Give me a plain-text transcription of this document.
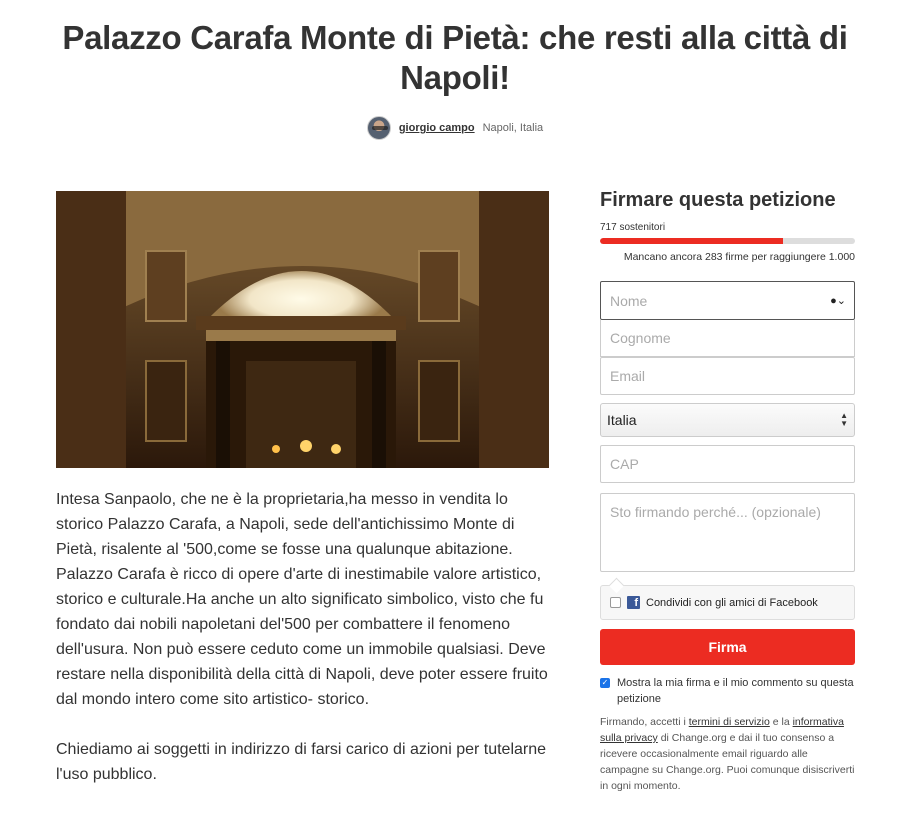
Palazzo Carafa Monte di Pietà: che resti alla città di Napoli!
giorgio campo Napoli, Italia

Intesa Sanpaolo, che ne è la proprietaria,ha messo in vendita lo storico Palazzo Carafa, a Napoli, sede dell'antichissimo Monte di Pietà, risalente al '500,come se fosse una qualunque abitazione. Palazzo Carafa è ricco di opere d'arte di inestimabile valore artistico, storico e culturale.Ha anche un alto significato simbolico, visto che fu fondato dai nobili napoletani del'500 per combattere il fenomeno dell'usura. Non può essere ceduto come un immobile qualsiasi. Deve restare nella disponibilità della città di Napoli, deve poter essere fruito dal mondo intero come sito artistico- storico.

Chiediamo ai soggetti in indirizzo di farsi carico di azioni per tutelarne l'uso pubblico.

Firmare questa petizione
717 sostenitori
Mancano ancora 283 firme per raggiungere 1.000
Nome	●⌄
Cognome
Email
Italia	▲
▼
CAP
Sto firmando perché... (opzionale)
f Condividi con gli amici di Facebook
Firma
✓ Mostra la mia firma e il mio commento su questa petizione
Firmando, accetti i termini di servizio e la informativa sulla privacy di Change.org e dai il tuo consenso a ricevere occasionalmente email riguardo alle campagne su Change.org. Puoi comunque disiscriverti in ogni momento.
